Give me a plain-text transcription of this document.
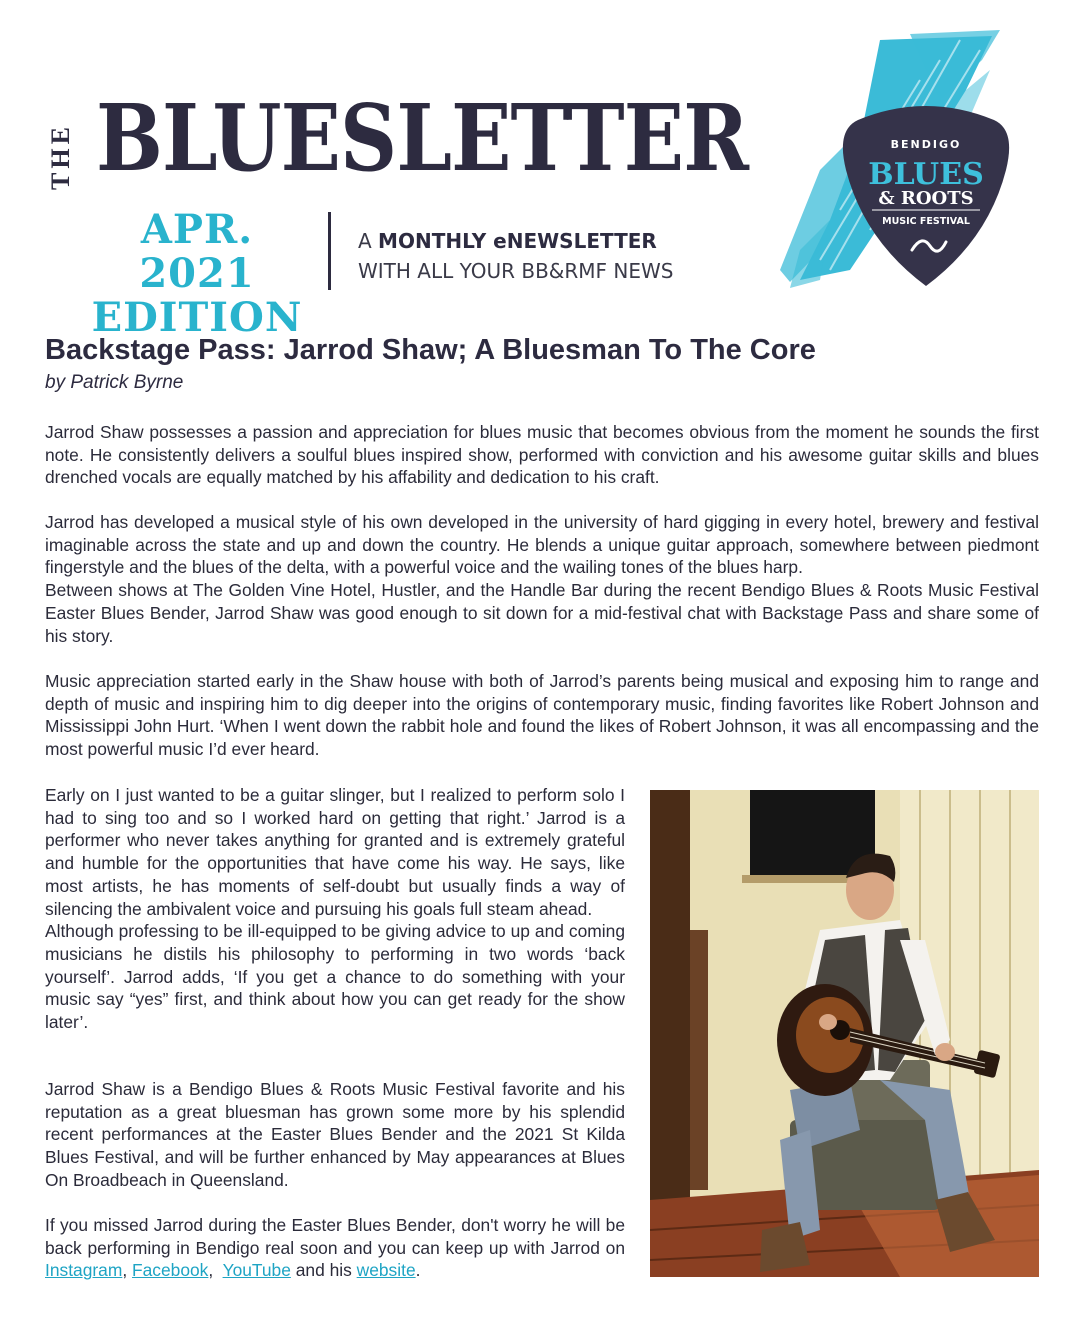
THE BLUESLETTER
APR. 2021
EDITION
A MONTHLY eNEWSLETTER
WITH ALL YOUR BB&RMF NEWS
BENDIGO
BLUES
& ROOTS
MUSIC FESTIVAL
Backstage Pass: Jarrod Shaw; A Bluesman To The Core

by Patrick Byrne

Jarrod Shaw possesses a passion and appreciation for blues music that becomes obvious from the moment he sounds the first note. He consistently delivers a soulful blues inspired show, performed with conviction and his awesome guitar skills and blues drenched vocals are equally matched by his affability and dedication to his craft.

Jarrod has developed a musical style of his own developed in the university of hard gigging in every hotel, brewery and festival imaginable across the state and up and down the country. He blends a unique guitar approach, somewhere between piedmont fingerstyle and the blues of the delta, with a powerful voice and the wailing tones of the blues harp.
Between shows at The Golden Vine Hotel, Hustler, and the Handle Bar during the recent Bendigo Blues & Roots Music Festival Easter Blues Bender, Jarrod Shaw was good enough to sit down for a mid-festival chat with Backstage Pass and share some of his story.

Music appreciation started early in the Shaw house with both of Jarrod’s parents being musical and exposing him to range and depth of music and inspiring him to dig deeper into the origins of contemporary music, finding favorites like Robert Johnson and Mississippi John Hurt. ‘When I went down the rabbit hole and found the likes of Robert Johnson, it was all encompassing and the most powerful music I’d ever heard.

Early on I just wanted to be a guitar slinger, but I realized to perform solo I had to sing too and so I worked hard on getting that right.’ Jarrod is a performer who never takes anything for granted and is extremely grateful and humble for the opportunities that have come his way. He says, like most artists, he has moments of self-doubt but usually finds a way of silencing the ambivalent voice and pursuing his goals full steam ahead.
Although professing to be ill-equipped to be giving advice to up and coming musicians he distils his philosophy to performing in two words ‘back yourself’. Jarrod adds, ‘If you get a chance to do something with your music say “yes” first, and think about how you can get ready for the show later’.

Jarrod Shaw is a Bendigo Blues & Roots Music Festival favorite and his reputation as a great bluesman has grown some more by his splendid recent performances at the Easter Blues Bender and the 2021 St Kilda Blues Festival, and will be further enhanced by May appearances at Blues On Broadbeach in Queensland.

If you missed Jarrod during the Easter Blues Bender, don't worry he will be back performing in Bendigo real soon and you can keep up with Jarrod on Instagram, Facebook,  YouTube and his website.
